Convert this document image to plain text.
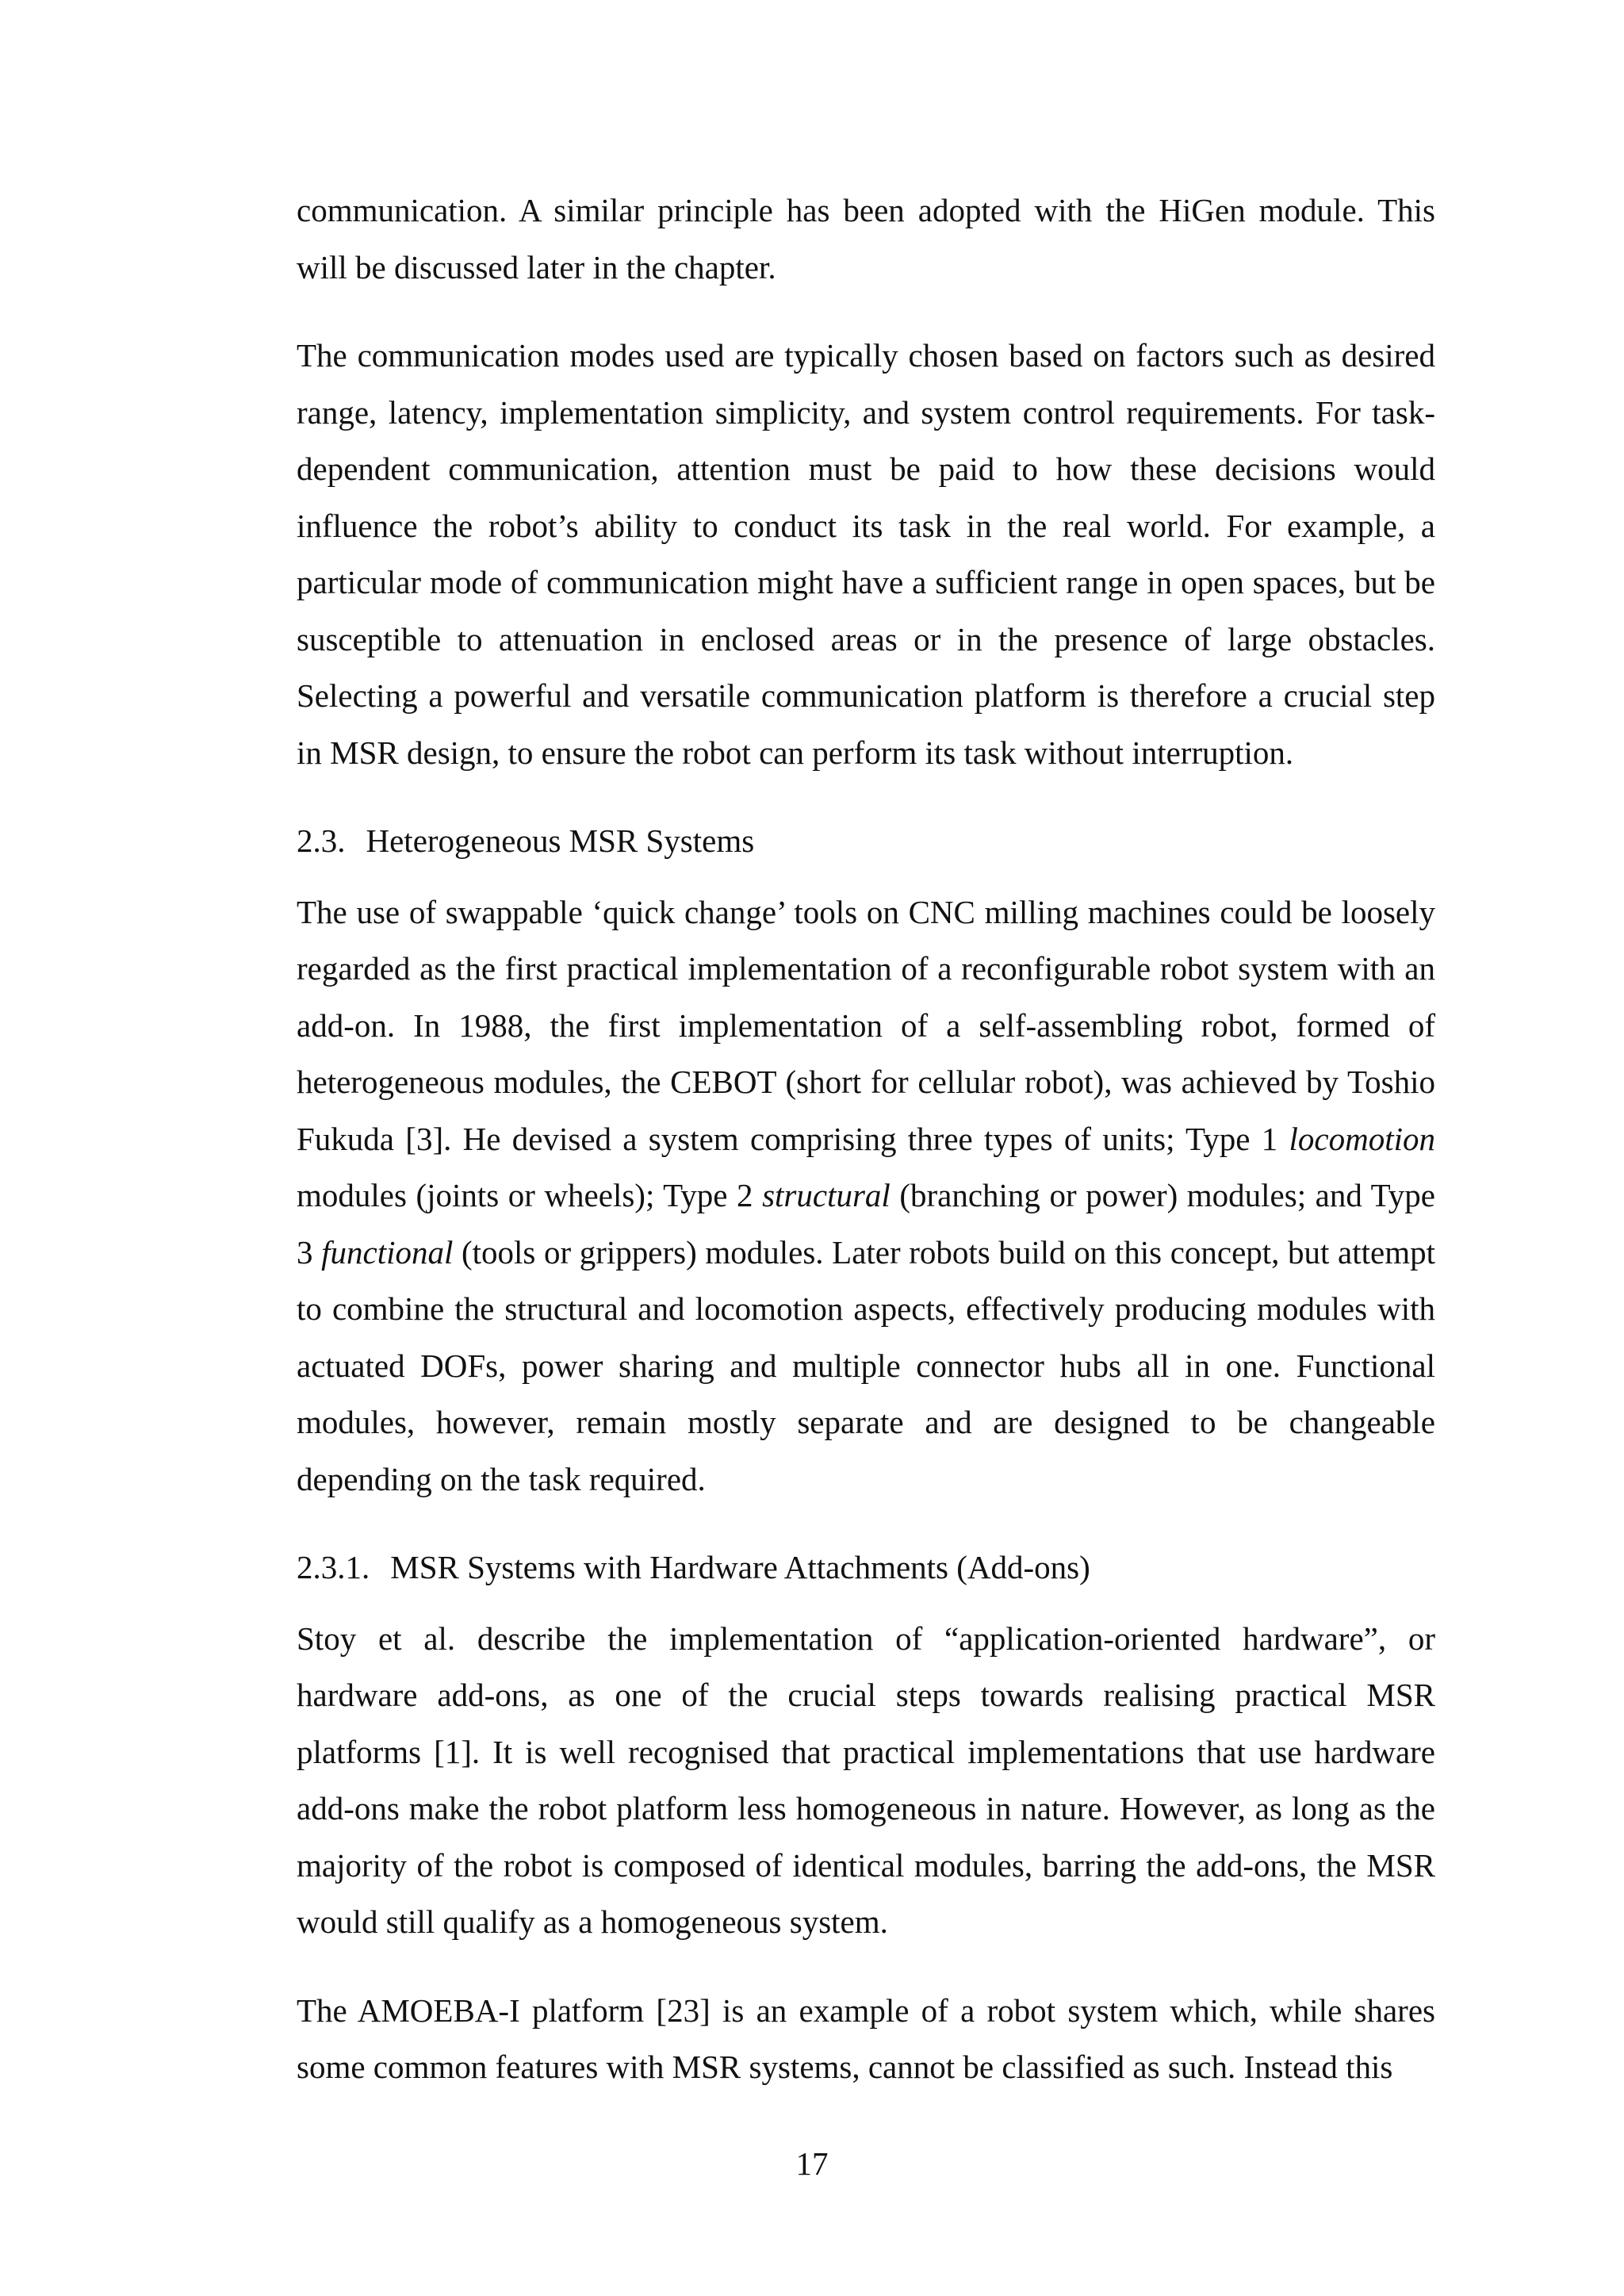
communication. A similar principle has been adopted with the HiGen module. This will be discussed later in the chapter.

The communication modes used are typically chosen based on factors such as desired range, latency, implementation simplicity, and system control requirements. For task-dependent communication, attention must be paid to how these decisions would influence the robot’s ability to conduct its task in the real world. For example, a particular mode of communication might have a sufficient range in open spaces, but be susceptible to attenuation in enclosed areas or in the presence of large obstacles. Selecting a powerful and versatile communication platform is therefore a crucial step in MSR design, to ensure the robot can perform its task without interruption.

2.3. Heterogeneous MSR Systems

The use of swappable ‘quick change’ tools on CNC milling machines could be loosely regarded as the first practical implementation of a reconfigurable robot system with an add-on. In 1988, the first implementation of a self-assembling robot, formed of heterogeneous modules, the CEBOT (short for cellular robot), was achieved by Toshio Fukuda [3]. He devised a system comprising three types of units; Type 1 locomotion modules (joints or wheels); Type 2 structural (branching or power) modules; and Type 3 functional (tools or grippers) modules. Later robots build on this concept, but attempt to combine the structural and locomotion aspects, effectively producing modules with actuated DOFs, power sharing and multiple connector hubs all in one. Functional modules, however, remain mostly separate and are designed to be changeable depending on the task required.

2.3.1. MSR Systems with Hardware Attachments (Add-ons)

Stoy et al. describe the implementation of “application-oriented hardware”, or hardware add-ons, as one of the crucial steps towards realising practical MSR platforms [1]. It is well recognised that practical implementations that use hardware add-ons make the robot platform less homogeneous in nature. However, as long as the majority of the robot is composed of identical modules, barring the add-ons, the MSR would still qualify as a homogeneous system.

The AMOEBA-I platform [23] is an example of a robot system which, while shares some common features with MSR systems, cannot be classified as such. Instead this

17
